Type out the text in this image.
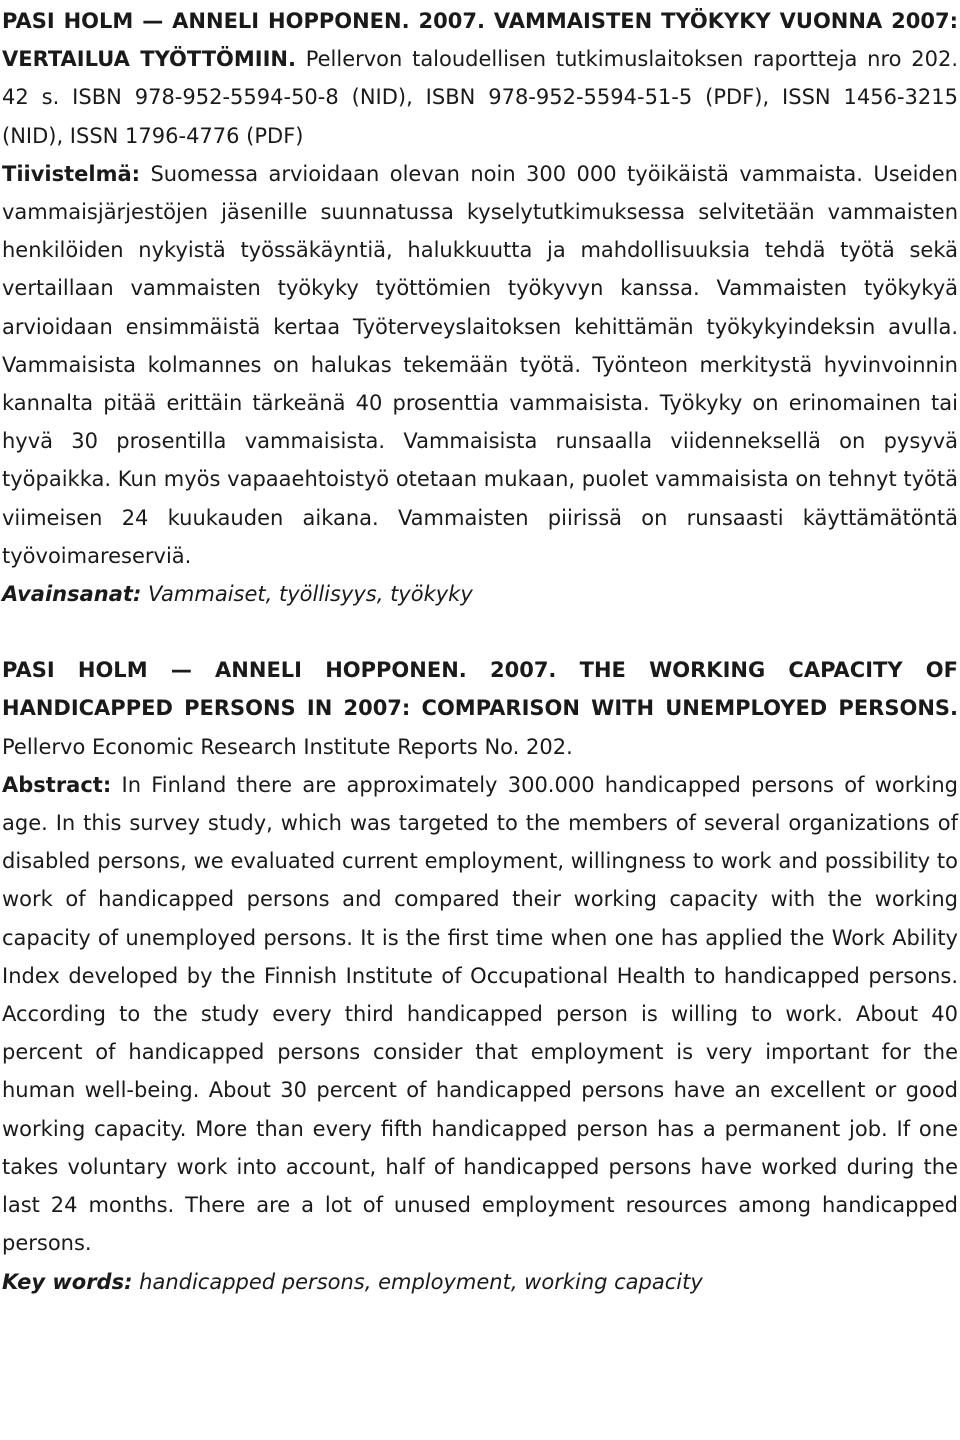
PASI HOLM — ANNELI HOPPONEN. 2007. VAMMAISTEN TYÖKYKY VUONNA 2007: VERTAILUA TYÖTTÖMIIN. Pellervon taloudellisen tutkimuslaitoksen raportteja nro 202. 42 s. ISBN 978-952-5594-50-8 (NID), ISBN 978-952-5594-51-5 (PDF), ISSN 1456-3215 (NID), ISSN 1796-4776 (PDF)

Tiivistelmä: Suomessa arvioidaan olevan noin 300 000 työikäistä vammaista. Useiden vammaisjärjestöjen jäsenille suunnatussa kyselytutkimuksessa selvitetään vammaisten henkilöiden nykyistä työssäkäyntiä, halukkuutta ja mahdollisuuksia tehdä työtä sekä vertaillaan vammaisten työkyky työttömien työkyvyn kanssa. Vammaisten työkykyä arvioidaan ensimmäistä kertaa Työterveyslaitoksen kehittämän työkykyindeksin avulla. Vammaisista kolmannes on halukas tekemään työtä. Työnteon merkitystä hyvinvoinnin kannalta pitää erittäin tärkeänä 40 prosenttia vammaisista. Työkyky on erinomainen tai hyvä 30 prosentilla vammaisista. Vammaisista runsaalla viidenneksellä on pysyvä työpaikka. Kun myös vapaaehtoistyö otetaan mukaan, puolet vammaisista on tehnyt työtä viimeisen 24 kuukauden aikana. Vammaisten piirissä on runsaasti käyttämätöntä työvoimareserviä.

Avainsanat: Vammaiset, työllisyys, työkyky

PASI HOLM — ANNELI HOPPONEN. 2007. THE WORKING CAPACITY OF HANDICAPPED PERSONS IN 2007: COMPARISON WITH UNEMPLOYED PERSONS. Pellervo Economic Research Institute Reports No. 202.

Abstract: In Finland there are approximately 300.000 handicapped persons of working age. In this survey study, which was targeted to the members of several organizations of disabled persons, we evaluated current employment, willingness to work and possibility to work of handicapped persons and compared their working capacity with the working capacity of unemployed persons. It is the first time when one has applied the Work Ability Index developed by the Finnish Institute of Occupational Health to handicapped persons. According to the study every third handicapped person is willing to work. About 40 percent of handicapped persons consider that employment is very important for the human well-being. About 30 percent of handicapped persons have an excellent or good working capacity. More than every fifth handicapped person has a permanent job. If one takes voluntary work into account, half of handicapped persons have worked during the last 24 months. There are a lot of unused employment resources among handicapped persons.

Key words: handicapped persons, employment, working capacity
